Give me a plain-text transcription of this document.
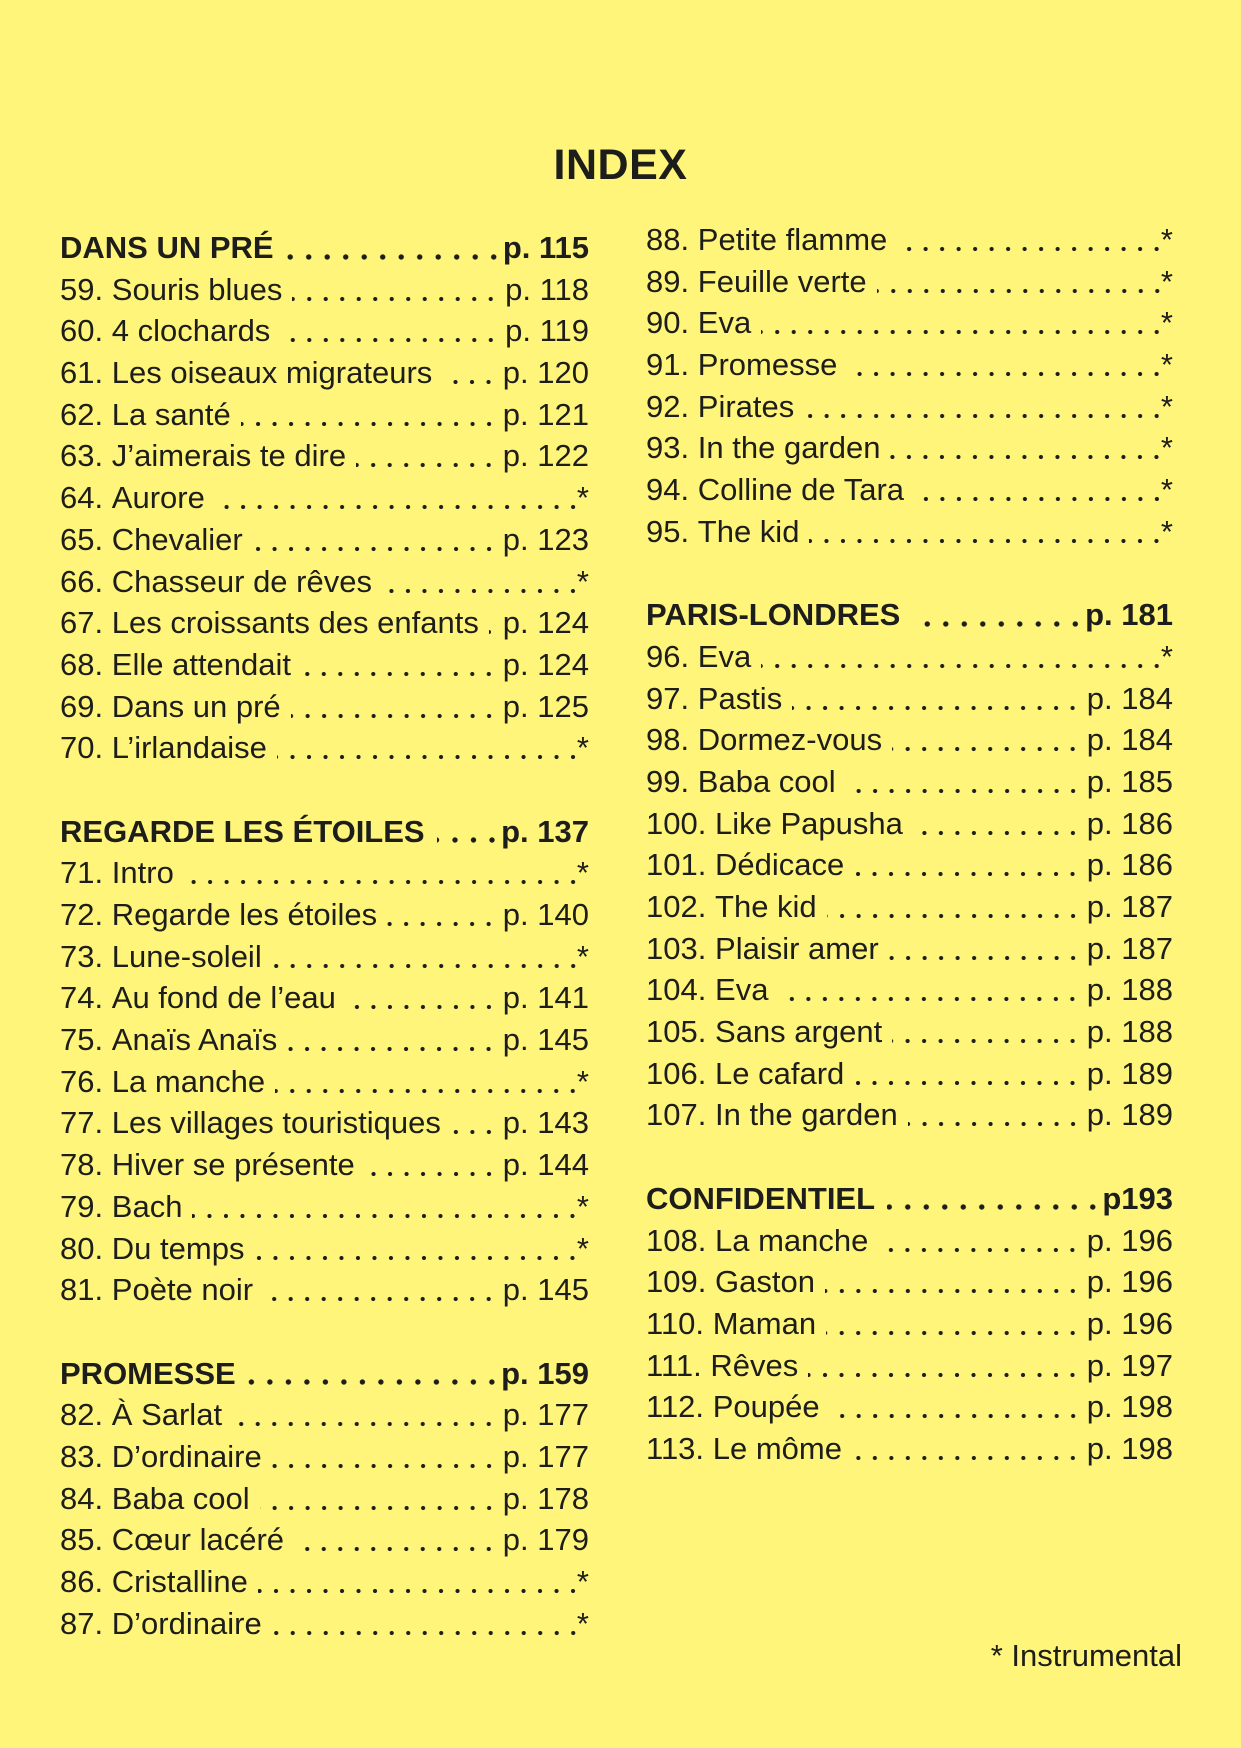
INDEX
DANS UN PRÉ	p. 115
59. Souris blues	p. 118
60. 4 clochards	p. 119
61. Les oiseaux migrateurs p. 120
62. La santé	p. 121
63. J’aimerais te dire	p. 122
64. Aurore	*
65. Chevalier	p. 123
66. Chasseur de rêves	*
67. Les croissants des enfants p. 124
68. Elle attendait	p. 124
69. Dans un pré	p. 125
70. L’irlandaise	*
REGARDE LES ÉTOILES p. 137
71. Intro	*
72. Regarde les étoiles	p. 140
73. Lune-soleil	*
74. Au fond de l’eau	p. 141
75. Anaïs Anaïs	p. 145
76. La manche	*
77. Les villages touristiques p. 143
78. Hiver se présente	p. 144
79. Bach	*
80. Du temps	*
81. Poète noir	p. 145
PROMESSE	p. 159
82. À Sarlat	p. 177
83. D’ordinaire	p. 177
84. Baba cool	p. 178
85. Cœur lacéré	p. 179
86. Cristalline	*
87. D’ordinaire	*
88. Petite flamme	*
89. Feuille verte	*
90. Eva	*
91. Promesse	*
92. Pirates	*
93. In the garden	*
94. Colline de Tara	*
95. The kid	*
PARIS-LONDRES	p. 181
96. Eva	*
97. Pastis	p. 184
98. Dormez-vous	p. 184
99. Baba cool	p. 185
100. Like Papusha	p. 186
101. Dédicace	p. 186
102. The kid	p. 187
103. Plaisir amer	p. 187
104. Eva	p. 188
105. Sans argent	p. 188
106. Le cafard	p. 189
107. In the garden	p. 189
CONFIDENTIEL	p193
108. La manche	p. 196
109. Gaston	p. 196
110. Maman	p. 196
111. Rêves	p. 197
112. Poupée	p. 198
113. Le môme	p. 198
* Instrumental
